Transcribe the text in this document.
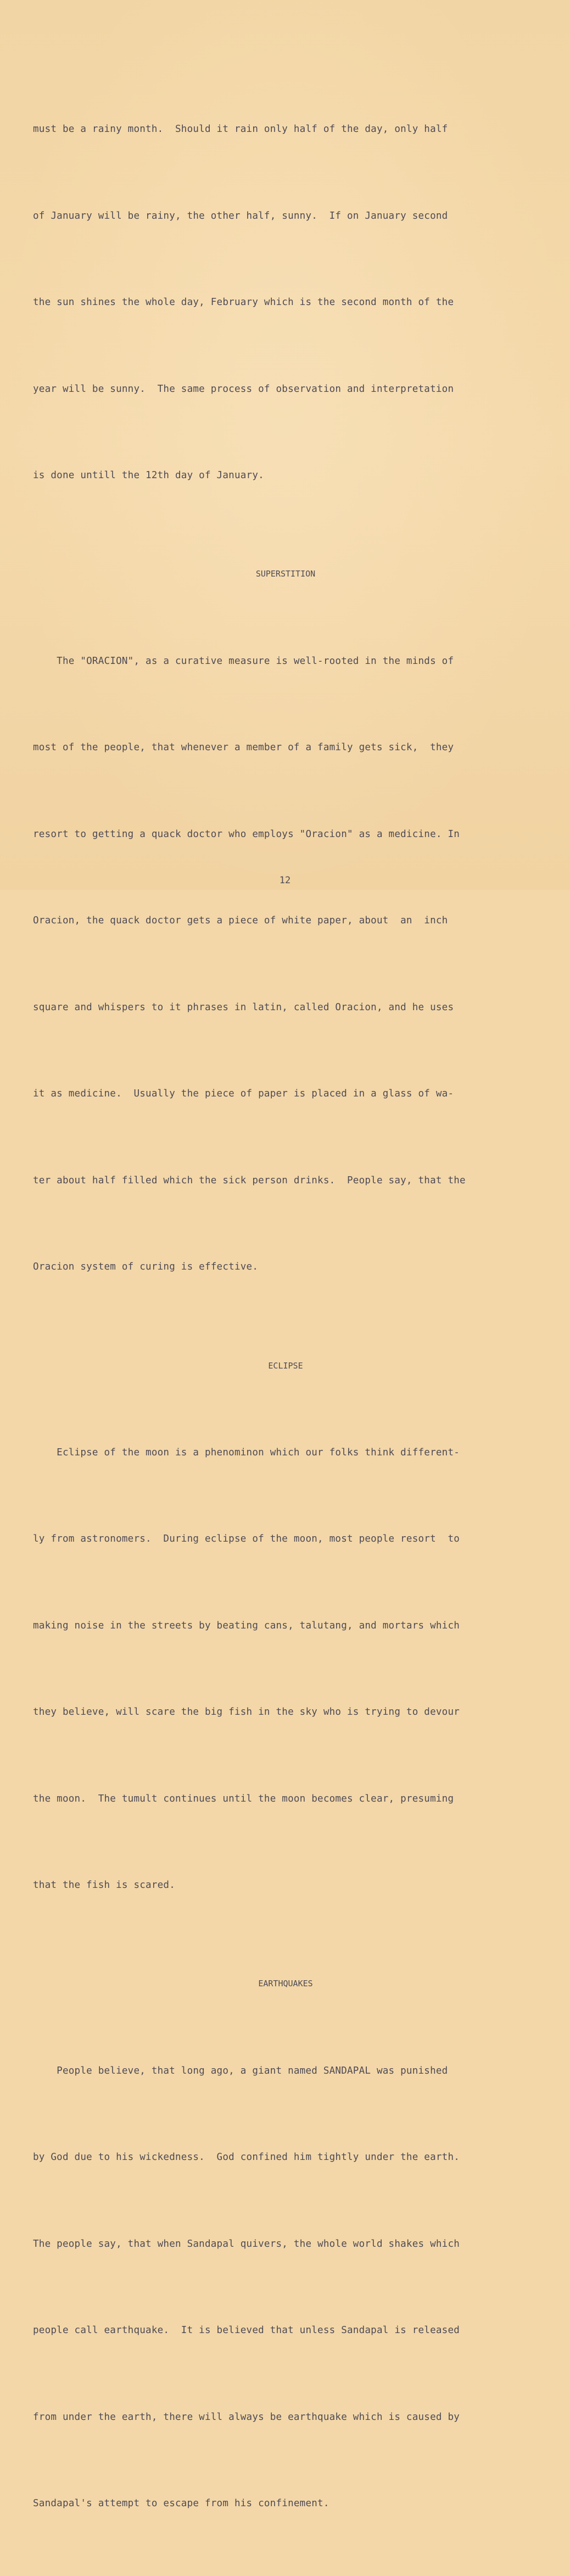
must be a rainy month.  Should it rain only half of the day, only half

of January will be rainy, the other half, sunny.  If on January second

the sun shines the whole day, February which is the second month of the

year will be sunny.  The same process of observation and interpretation

is done untill the 12th day of January.

SUPERSTITION

The "ORACION", as a curative measure is well-rooted in the minds of

most of the people, that whenever a member of a family gets sick,  they

resort to getting a quack doctor who employs "Oracion" as a medicine. In

Oracion, the quack doctor gets a piece of white paper, about  an  inch

square and whispers to it phrases in latin, called Oracion, and he uses

it as medicine.  Usually the piece of paper is placed in a glass of wa-

ter about half filled which the sick person drinks.  People say, that the

Oracion system of curing is effective.

ECLIPSE

Eclipse of the moon is a phenominon which our folks think different-

ly from astronomers.  During eclipse of the moon, most people resort  to

making noise in the streets by beating cans, talutang, and mortars which

they believe, will scare the big fish in the sky who is trying to devour

the moon.  The tumult continues until the moon becomes clear, presuming

that the fish is scared.

EARTHQUAKES

People believe, that long ago, a giant named SANDAPAL was punished

by God due to his wickedness.  God confined him tightly under the earth.

The people say, that when Sandapal quivers, the whole world shakes which

people call earthquake.  It is believed that unless Sandapal is released

from under the earth, there will always be earthquake which is caused by

Sandapal's attempt to escape from his confinement.

12
